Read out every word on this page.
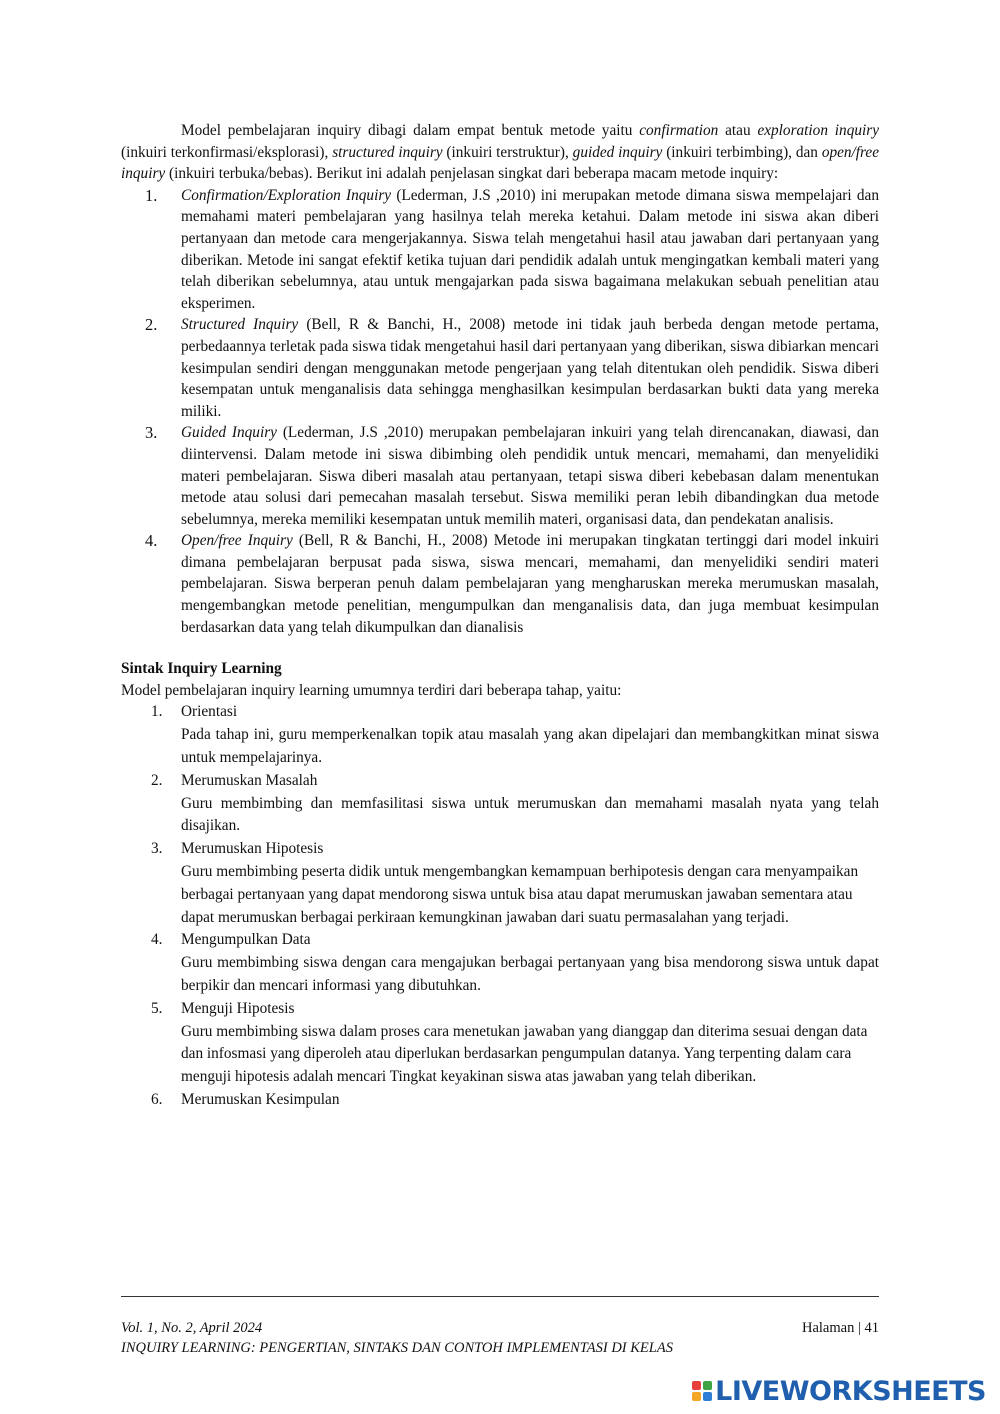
Model pembelajaran inquiry dibagi dalam empat bentuk metode yaitu confirmation atau exploration inquiry (inkuiri terkonfirmasi/eksplorasi), structured inquiry (inkuiri terstruktur), guided inquiry (inkuiri terbimbing), dan open/free inquiry (inkuiri terbuka/bebas). Berikut ini adalah penjelasan singkat dari beberapa macam metode inquiry:

1. Confirmation/Exploration Inquiry (Lederman, J.S ,2010) ini merupakan metode dimana siswa mempelajari dan memahami materi pembelajaran yang hasilnya telah mereka ketahui. Dalam metode ini siswa akan diberi pertanyaan dan metode cara mengerjakannya. Siswa telah mengetahui hasil atau jawaban dari pertanyaan yang diberikan. Metode ini sangat efektif ketika tujuan dari pendidik adalah untuk mengingatkan kembali materi yang telah diberikan sebelumnya, atau untuk mengajarkan pada siswa bagaimana melakukan sebuah penelitian atau eksperimen.
2. Structured Inquiry (Bell, R & Banchi, H., 2008) metode ini tidak jauh berbeda dengan metode pertama, perbedaannya terletak pada siswa tidak mengetahui hasil dari pertanyaan yang diberikan, siswa dibiarkan mencari kesimpulan sendiri dengan menggunakan metode pengerjaan yang telah ditentukan oleh pendidik. Siswa diberi kesempatan untuk menganalisis data sehingga menghasilkan kesimpulan berdasarkan bukti data yang mereka miliki.
3. Guided Inquiry (Lederman, J.S ,2010) merupakan pembelajaran inkuiri yang telah direncanakan, diawasi, dan diintervensi. Dalam metode ini siswa dibimbing oleh pendidik untuk mencari, memahami, dan menyelidiki materi pembelajaran. Siswa diberi masalah atau pertanyaan, tetapi siswa diberi kebebasan dalam menentukan metode atau solusi dari pemecahan masalah tersebut. Siswa memiliki peran lebih dibandingkan dua metode sebelumnya, mereka memiliki kesempatan untuk memilih materi, organisasi data, dan pendekatan analisis.
4. Open/free Inquiry (Bell, R & Banchi, H., 2008) Metode ini merupakan tingkatan tertinggi dari model inkuiri dimana pembelajaran berpusat pada siswa, siswa mencari, memahami, dan menyelidiki sendiri materi pembelajaran. Siswa berperan penuh dalam pembelajaran yang mengharuskan mereka merumuskan masalah, mengembangkan metode penelitian, mengumpulkan dan menganalisis data, dan juga membuat kesimpulan berdasarkan data yang telah dikumpulkan dan dianalisis
Sintak Inquiry Learning

Model pembelajaran inquiry learning umumnya terdiri dari beberapa tahap, yaitu:

1. Orientasi
Pada tahap ini, guru memperkenalkan topik atau masalah yang akan dipelajari dan membangkitkan minat siswa untuk mempelajarinya.
2. Merumuskan Masalah
Guru membimbing dan memfasilitasi siswa untuk merumuskan dan memahami masalah nyata yang telah disajikan.
3. Merumuskan Hipotesis
Guru membimbing peserta didik untuk mengembangkan kemampuan berhipotesis dengan cara menyampaikan berbagai pertanyaan yang dapat mendorong siswa untuk bisa atau dapat merumuskan jawaban sementara atau dapat merumuskan berbagai perkiraan kemungkinan jawaban dari suatu permasalahan yang terjadi.
4. Mengumpulkan Data
Guru membimbing siswa dengan cara mengajukan berbagai pertanyaan yang bisa mendorong siswa untuk dapat berpikir dan mencari informasi yang dibutuhkan.
5. Menguji Hipotesis
Guru membimbing siswa dalam proses cara menetukan jawaban yang dianggap dan diterima sesuai dengan data dan infosmasi yang diperoleh atau diperlukan berdasarkan pengumpulan datanya. Yang terpenting dalam cara menguji hipotesis adalah mencari Tingkat keyakinan siswa atas jawaban yang telah diberikan.
6. Merumuskan Kesimpulan
Vol. 1, No. 2, April 2024	Halaman | 41
INQUIRY LEARNING: PENGERTIAN, SINTAKS DAN CONTOH IMPLEMENTASI DI KELAS
LIVEWORKSHEETS
